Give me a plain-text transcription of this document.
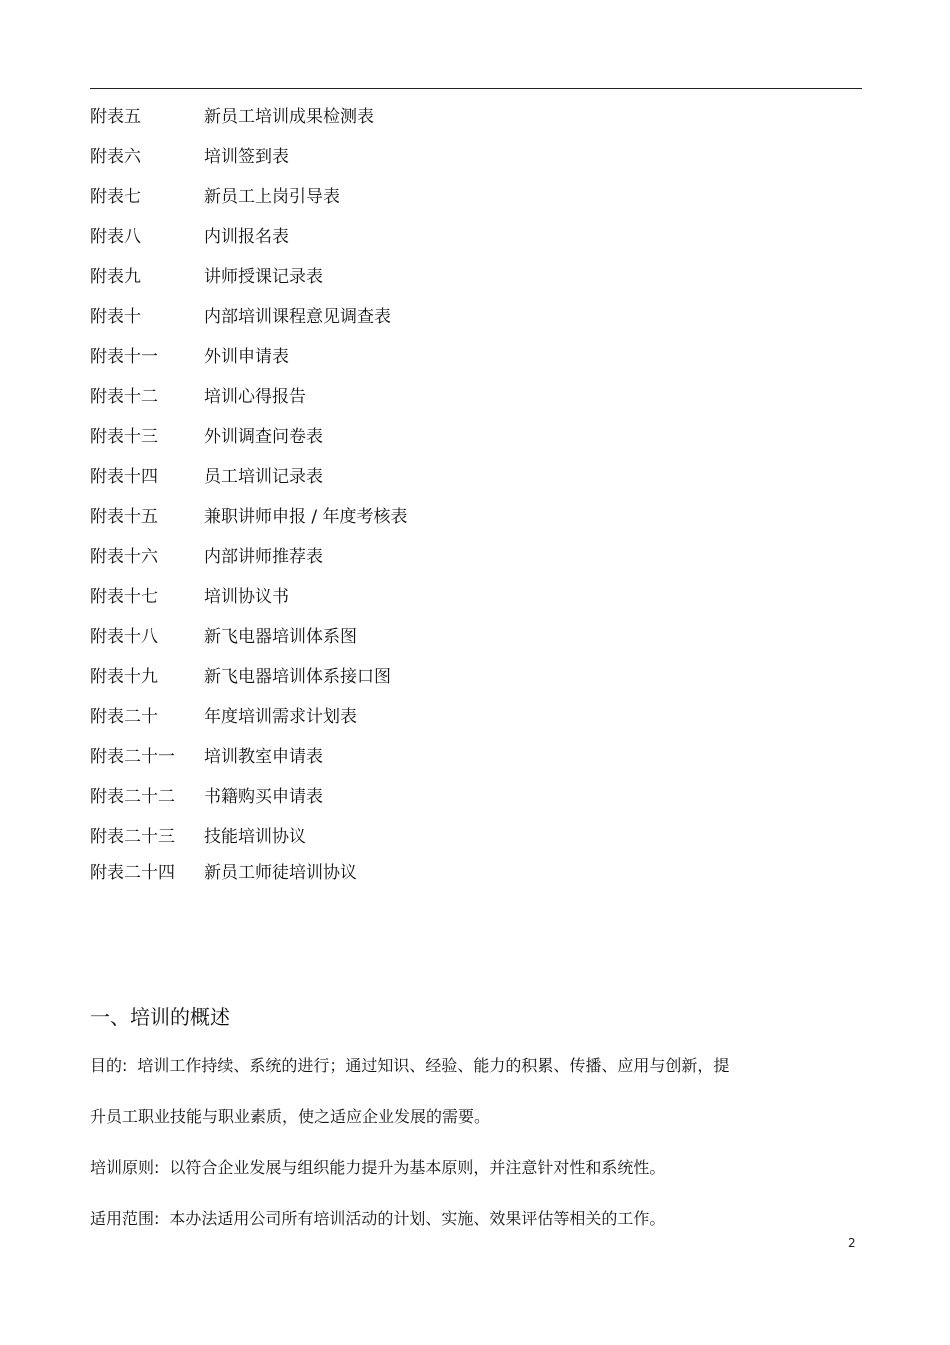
附表五	新员工培训成果检测表
附表六	培训签到表
附表七	新员工上岗引导表
附表八	内训报名表
附表九	讲师授课记录表
附表十	内部培训课程意见调查表
附表十一	外训申请表
附表十二	培训心得报告
附表十三	外训调查问卷表
附表十四	员工培训记录表
附表十五	兼职讲师申报 / 年度考核表
附表十六	内部讲师推荐表
附表十七	培训协议书
附表十八	新飞电器培训体系图
附表十九	新飞电器培训体系接口图
附表二十	年度培训需求计划表
附表二十一	培训教室申请表
附表二十二	书籍购买申请表
附表二十三	技能培训协议
附表二十四	新员工师徒培训协议
一、培训的概述

目的: 培训工作持续、系统的进行；通过知识、经验、能力的积累、传播、应用与创新，提

升员工职业技能与职业素质，使之适应企业发展的需要。

培训原则: 以符合企业发展与组织能力提升为基本原则，并注意针对性和系统性。

适用范围: 本办法适用公司所有培训活动的计划、实施、效果评估等相关的工作。

2
